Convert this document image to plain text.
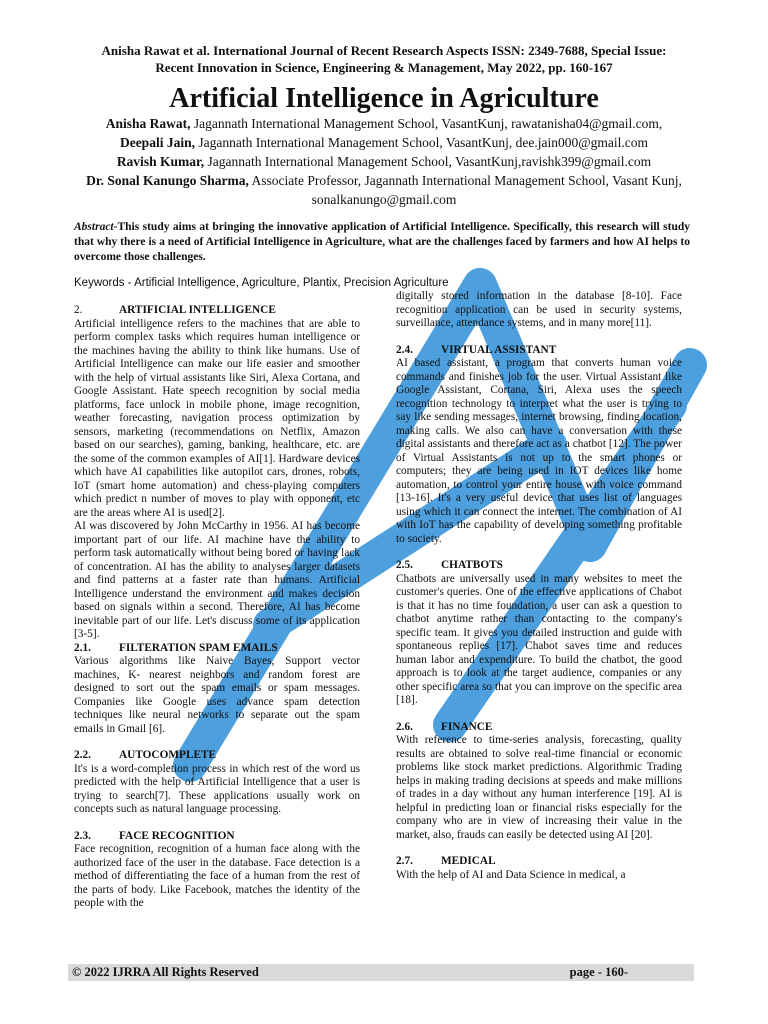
Anisha Rawat et al. International Journal of Recent Research Aspects ISSN: 2349-7688, Special Issue:
Recent Innovation in Science, Engineering & Management, May 2022, pp. 160-167
Artificial Intelligence in Agriculture
Anisha Rawat, Jagannath International Management School, VasantKunj, rawatanisha04@gmail.com,
Deepali Jain, Jagannath International Management School, VasantKunj, dee.jain000@gmail.com
Ravish Kumar, Jagannath International Management School, VasantKunj,ravishk399@gmail.com
Dr. Sonal Kanungo Sharma, Associate Professor, Jagannath International Management School, Vasant Kunj, sonalkanungo@gmail.com
Abstract-This study aims at bringing the innovative application of Artificial Intelligence. Specifically, this research will study that why there is a need of Artificial Intelligence in Agriculture, what are the challenges faced by farmers and how AI helps to overcome those challenges.
Keywords - Artificial Intelligence, Agriculture, Plantix, Precision Agriculture

2.	ARTIFICIAL INTELLIGENCE

Artificial intelligence refers to the machines that are able to perform complex tasks which requires human intelligence or the machines having the ability to think like humans. Use of Artificial Intelligence can make our life easier and smoother with the help of virtual assistants like Siri, Alexa Cortana, and Google Assistant. Hate speech recognition by social media platforms, face unlock in mobile phone, image recognition, weather forecasting, navigation process optimization by sensors, marketing (recommendations on Netflix, Amazon based on our searches), gaming, banking, healthcare, etc. are the some of the common examples of AI[1]. Hardware devices which have AI capabilities like autopilot cars, drones, robots, IoT (smart home automation) and chess-playing computers which predict n number of moves to play with opponent, etc are the areas where AI is used[2].

AI was discovered by John McCarthy in 1956. AI has become important part of our life. AI machine have the ability to perform task automatically without being bored or having lack of concentration. AI has the ability to analyses larger datasets and find patterns at a faster rate than humans. Artificial Intelligence understand the environment and makes decision based on signals within a second. Therefore, AI has become inevitable part of our life. Let's discuss some of its application [3-5].

2.1. FILTERATION SPAM EMAILS

Various algorithms like Naive Bayes, Support vector machines, K- nearest neighbors and random forest are designed to sort out the spam emails or spam messages. Companies like Google uses advance spam detection techniques like neural networks to separate out the spam emails in Gmail [6].

2.2. AUTOCOMPLETE

It's is a word-completion process in which rest of the word us predicted with the help of Artificial Intelligence that a user is trying to search[7]. These applications usually work on concepts such as natural language processing.

2.3. FACE RECOGNITION

Face recognition, recognition of a human face along with the authorized face of the user in the database. Face detection is a method of differentiating the face of a human from the rest of the parts of body. Like Facebook, matches the identity of the people with the

digitally stored information in the database [8-10]. Face recognition application can be used in security systems, surveillance, attendance systems, and in many more[11].

2.4. VIRTUAL ASSISTANT

AI based assistant, a program that converts human voice commands and finishes job for the user. Virtual Assistant like Google Assistant, Cortana, Siri, Alexa uses the speech recognition technology to interpret what the user is trying to say like sending messages, internet browsing, finding location, making calls. We also can have a conversation with these digital assistants and therefore act as a chatbot [12]. The power of Virtual Assistants is not up to the smart phones or computers; they are being used in IOT devices like home automation, to control your entire house with voice command [13-16]. It's a very useful device that uses list of languages using which it can connect the internet. The combination of AI with IoT has the capability of developing something profitable to society.

2.5. CHATBOTS

Chatbots are universally used in many websites to meet the customer's queries. One of the effective applications of Chabot is that it has no time foundation, a user can ask a question to chatbot anytime rather than contacting to the company's specific team. It gives you detailed instruction and guide with spontaneous replies [17]. Chabot saves time and reduces human labor and expenditure. To build the chatbot, the good approach is to look at the target audience, companies or any other specific area so that you can improve on the specific area [18].

2.6. FINANCE

With reference to time-series analysis, forecasting, quality results are obtained to solve real-time financial or economic problems like stock market predictions. Algorithmic Trading helps in making trading decisions at speeds and make millions of trades in a day without any human interference [19]. AI is helpful in predicting loan or financial risks especially for the company who are in view of increasing their value in the market, also, frauds can easily be detected using AI [20].

2.7. MEDICAL

With the help of AI and Data Science in medical, a

© 2022 IJRRA All Rights Reserved	page - 160-
